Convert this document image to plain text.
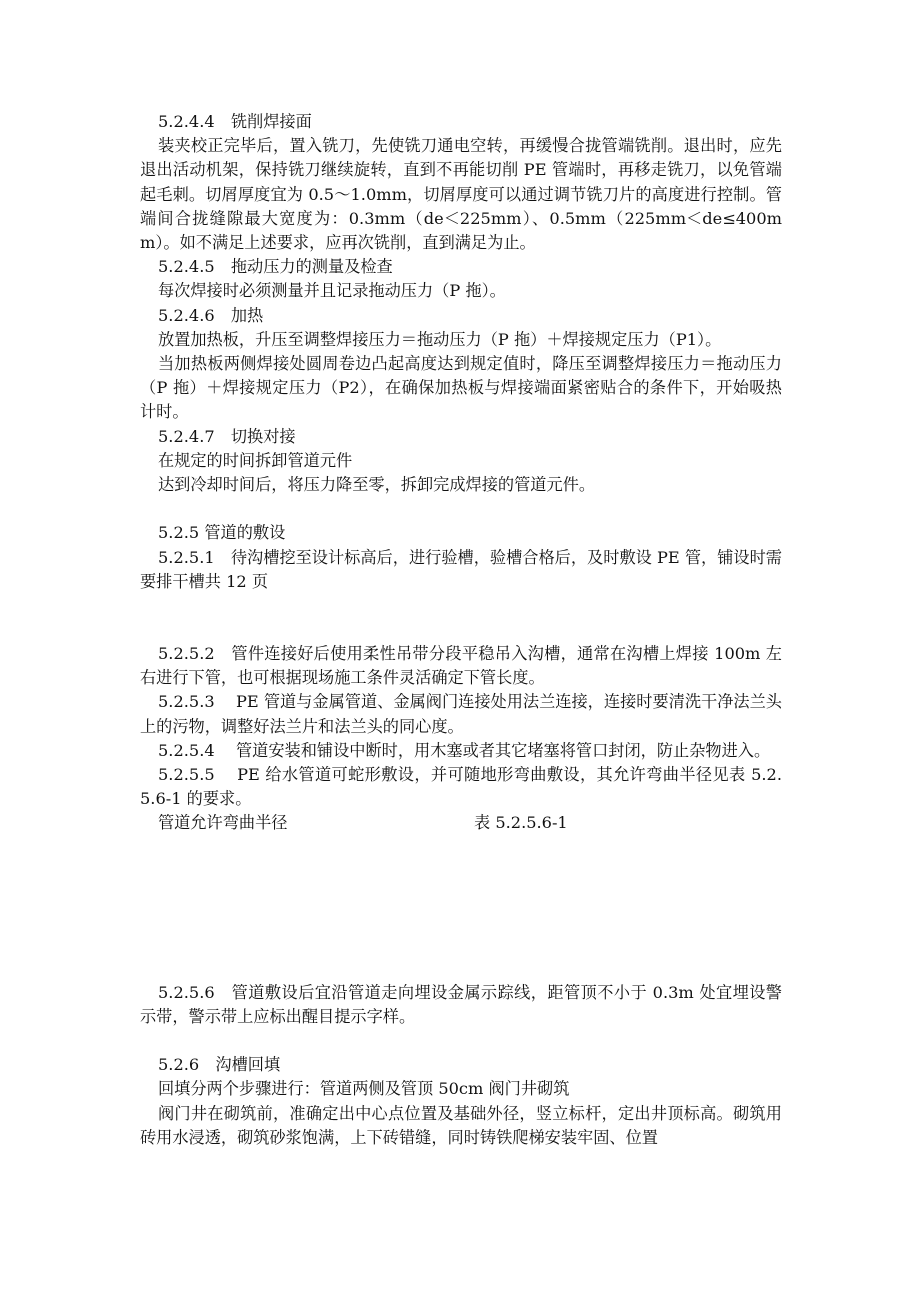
5.2.4.4　铣削焊接面

装夹校正完毕后，置入铣刀，先使铣刀通电空转，再缓慢合拢管端铣削。退出时，应先退出活动机架，保持铣刀继续旋转，直到不再能切削 PE 管端时，再移走铣刀，以免管端起毛刺。切屑厚度宜为 0.5～1.0mm，切屑厚度可以通过调节铣刀片的高度进行控制。管端间合拢缝隙最大宽度为：0.3mm（de＜225mm）、0.5mm（225mm＜de≤400mm）。如不满足上述要求，应再次铣削，直到满足为止。

5.2.4.5　拖动压力的测量及检查

每次焊接时必须测量并且记录拖动压力（P 拖）。

5.2.4.6　加热

放置加热板，升压至调整焊接压力＝拖动压力（P 拖）＋焊接规定压力（P1）。

当加热板两侧焊接处圆周卷边凸起高度达到规定值时，降压至调整焊接压力＝拖动压力（P 拖）＋焊接规定压力（P2），在确保加热板与焊接端面紧密贴合的条件下，开始吸热计时。

5.2.4.7　切换对接

在规定的时间拆卸管道元件

达到冷却时间后，将压力降至零，拆卸完成焊接的管道元件。

5.2.5 管道的敷设

5.2.5.1　待沟槽挖至设计标高后，进行验槽，验槽合格后，及时敷设 PE 管，铺设时需要排干槽共 12 页

5.2.5.2　管件连接好后使用柔性吊带分段平稳吊入沟槽，通常在沟槽上焊接 100m 左右进行下管，也可根据现场施工条件灵活确定下管长度。

5.2.5.3　 PE 管道与金属管道、金属阀门连接处用法兰连接，连接时要清洗干净法兰头上的污物，调整好法兰片和法兰头的同心度。

5.2.5.4　 管道安装和铺设中断时，用木塞或者其它堵塞将管口封闭，防止杂物进入。

5.2.5.5　 PE 给水管道可蛇形敷设，并可随地形弯曲敷设，其允许弯曲半径见表 5.2.5.6-1 的要求。

管道允许弯曲半径	表 5.2.5.6-1

5.2.5.6　管道敷设后宜沿管道走向埋设金属示踪线，距管顶不小于 0.3m 处宜埋设警示带，警示带上应标出醒目提示字样。

5.2.6　沟槽回填

回填分两个步骤进行：管道两侧及管顶 50cm 阀门井砌筑

阀门井在砌筑前，准确定出中心点位置及基础外径，竖立标杆，定出井顶标高。砌筑用砖用水浸透，砌筑砂浆饱满，上下砖错缝，同时铸铁爬梯安装牢固、位置
